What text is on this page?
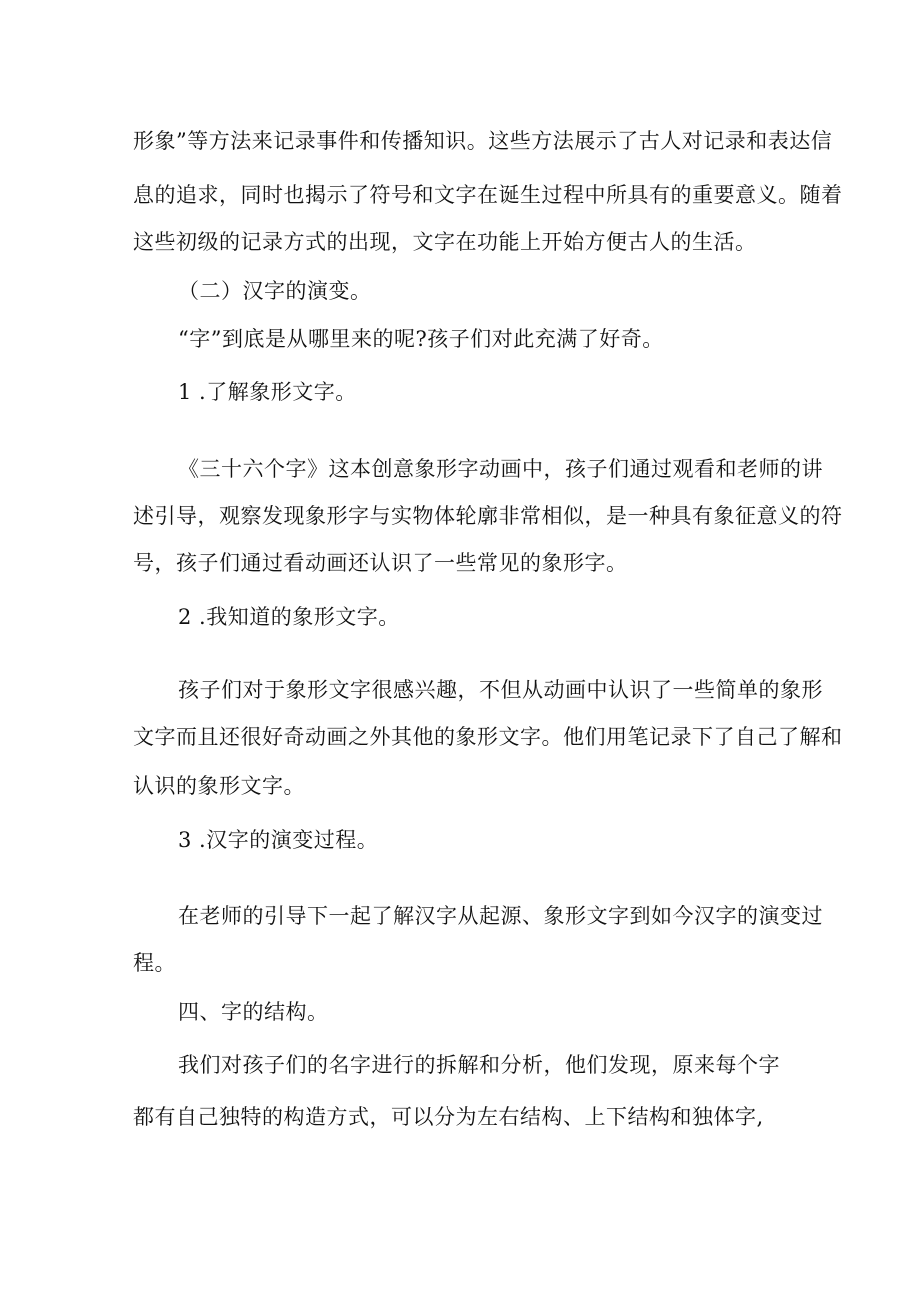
形象”等方法来记录事件和传播知识。这些方法展示了古人对记录和表达信
息的追求，同时也揭示了符号和文字在诞生过程中所具有的重要意义。随着
这些初级的记录方式的出现，文字在功能上开始方便古人的生活。
（二）汉字的演变。
“字”到底是从哪里来的呢?孩子们对此充满了好奇。
1 .了解象形文字。
《三十六个字》这本创意象形字动画中，孩子们通过观看和老师的讲
述引导，观察发现象形字与实物体轮廓非常相似，是一种具有象征意义的符
号，孩子们通过看动画还认识了一些常见的象形字。
2 .我知道的象形文字。
孩子们对于象形文字很感兴趣，不但从动画中认识了一些简单的象形
文字而且还很好奇动画之外其他的象形文字。他们用笔记录下了自己了解和
认识的象形文字。
3 .汉字的演变过程。
在老师的引导下一起了解汉字从起源、象形文字到如今汉字的演变过
程。
四、字的结构。
我们对孩子们的名字进行的拆解和分析，他们发现，原来每个字
都有自己独特的构造方式，可以分为左右结构、上下结构和独体字,
